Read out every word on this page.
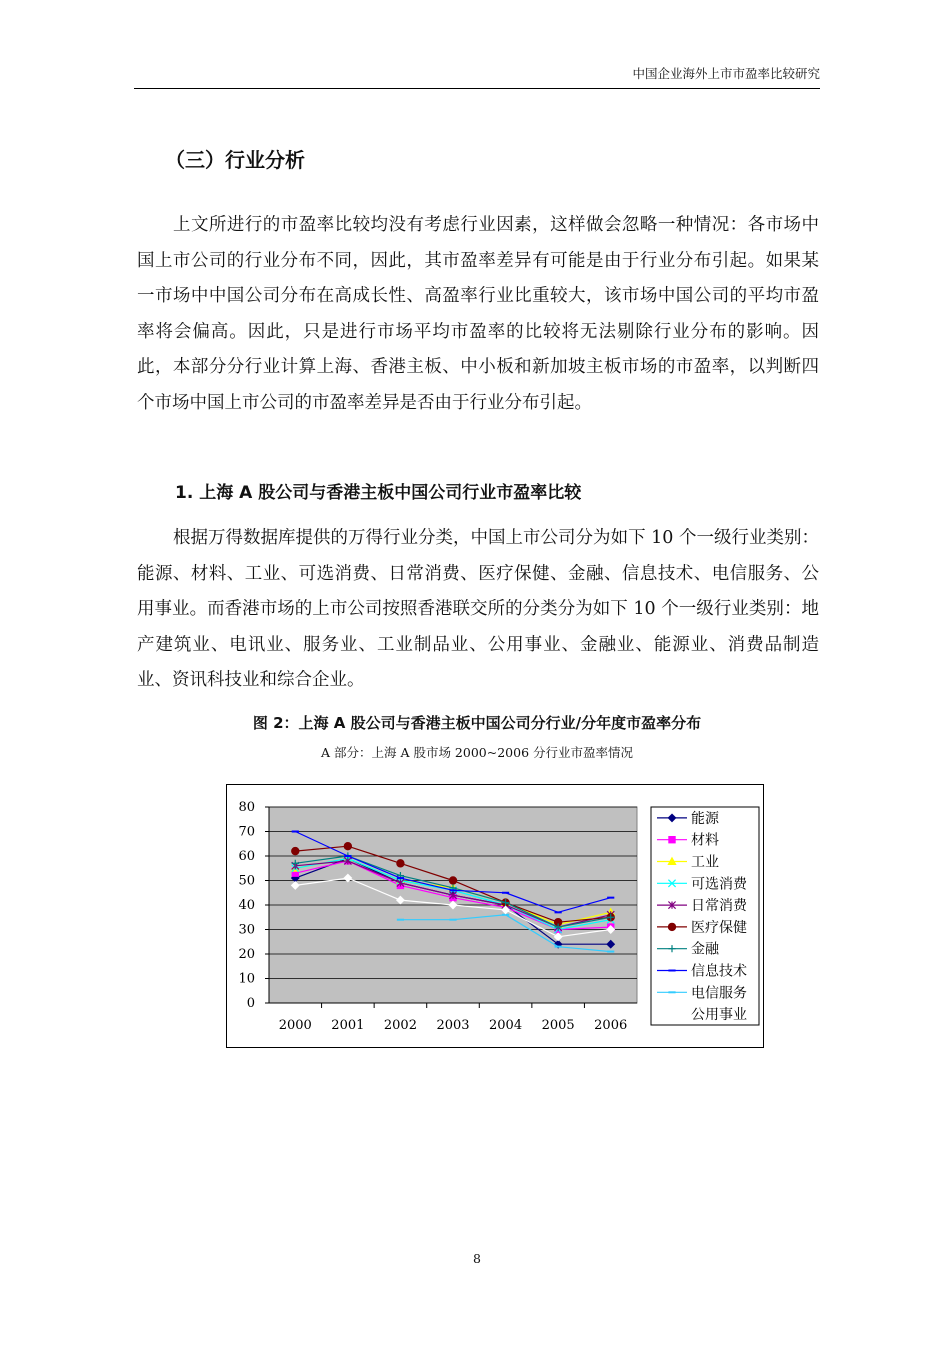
中国企业海外上市市盈率比较研究
（三）行业分析

上文所进行的市盈率比较均没有考虑行业因素，这样做会忽略一种情况：各市场中国上市公司的行业分布不同，因此，其市盈率差异有可能是由于行业分布引起。如果某一市场中中国公司分布在高成长性、高盈率行业比重较大，该市场中国公司的平均市盈率将会偏高。因此，只是进行市场平均市盈率的比较将无法剔除行业分布的影响。因此，本部分分行业计算上海、香港主板、中小板和新加坡主板市场的市盈率，以判断四个市场中国上市公司的市盈率差异是否由于行业分布引起。

1. 上海 A 股公司与香港主板中国公司行业市盈率比较

根据万得数据库提供的万得行业分类，中国上市公司分为如下 10 个一级行业类别：能源、材料、工业、可选消费、日常消费、医疗保健、金融、信息技术、电信服务、公用事业。而香港市场的上市公司按照香港联交所的分类分为如下 10 个一级行业类别：地产建筑业、电讯业、服务业、工业制品业、公用事业、金融业、能源业、消费品制造业、资讯科技业和综合企业。

图 2：上海 A 股公司与香港主板中国公司分行业/分年度市盈率分布
A 部分：上海 A 股市场 2000~2006 分行业市盈率情况
0
10
20
30
40
50
60
70
80
2000 2001 2002 2003 2004 2005 2006
能源
材料
工业
可选消费
日常消费
医疗保健
金融
信息技术
电信服务
公用事业
8
